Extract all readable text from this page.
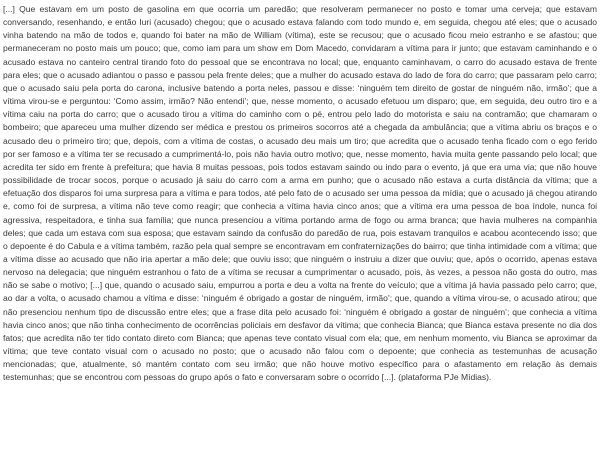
[...] Que estavam em um posto de gasolina em que ocorria um paredão; que resolveram permanecer no posto e tomar uma cerveja; que estavam conversando, resenhando, e então Iuri (acusado) chegou; que o acusado estava falando com todo mundo e, em seguida, chegou até eles; que o acusado vinha batendo na mão de todos e, quando foi bater na mão de William (vítima), este se recusou; que o acusado ficou meio estranho e se afastou; que permaneceram no posto mais um pouco; que, como iam para um show em Dom Macedo, convidaram a vítima para ir junto; que estavam caminhando e o acusado estava no canteiro central tirando foto do pessoal que se encontrava no local; que, enquanto caminhavam, o carro do acusado estava de frente para eles; que o acusado adiantou o passo e passou pela frente deles; que a mulher do acusado estava do lado de fora do carro; que passaram pelo carro; que o acusado saiu pela porta do carona, inclusive batendo a porta neles, passou e disse: ‘ninguém tem direito de gostar de ninguém não, irmão’; que a vítima virou-se e perguntou: ‘Como assim, irmão? Não entendi’; que, nesse momento, o acusado efetuou um disparo; que, em seguida, deu outro tiro e a vítima caiu na porta do carro; que o acusado tirou a vítima do caminho com o pé, entrou pelo lado do motorista e saiu na contramão; que chamaram o bombeiro; que apareceu uma mulher dizendo ser médica e prestou os primeiros socorros até a chegada da ambulância; que a vítima abriu os braços e o acusado deu o primeiro tiro; que, depois, com a vítima de costas, o acusado deu mais um tiro; que acredita que o acusado tenha ficado com o ego ferido por ser famoso e a vítima ter se recusado a cumprimentá-lo, pois não havia outro motivo; que, nesse momento, havia muita gente passando pelo local; que acredita ter sido em frente à prefeitura; que havia 8 muitas pessoas, pois todos estavam saindo ou indo para o evento, já que era uma via; que não houve possibilidade de trocar socos, porque o acusado já saiu do carro com a arma em punho; que o acusado não estava a curta distância da vítima; que a efetuação dos disparos foi uma surpresa para a vítima e para todos, até pelo fato de o acusado ser uma pessoa da mídia; que o acusado já chegou atirando e, como foi de surpresa, a vítima não teve como reagir; que conhecia a vítima havia cinco anos; que a vítima era uma pessoa de boa índole, nunca foi agressiva, respeitadora, e tinha sua família; que nunca presenciou a vítima portando arma de fogo ou arma branca; que havia mulheres na companhia deles; que cada um estava com sua esposa; que estavam saindo da confusão do paredão de rua, pois estavam tranquilos e acabou acontecendo isso; que o depoente é do Cabula e a vítima também, razão pela qual sempre se encontravam em confraternizações do bairro; que tinha intimidade com a vítima; que a vítima disse ao acusado que não iria apertar a mão dele; que ouviu isso; que ninguém o instruiu a dizer que ouviu; que, após o ocorrido, apenas estava nervoso na delegacia; que ninguém estranhou o fato de a vítima se recusar a cumprimentar o acusado, pois, às vezes, a pessoa não gosta do outro, mas não se sabe o motivo; [...] que, quando o acusado saiu, empurrou a porta e deu a volta na frente do veículo; que a vítima já havia passado pelo carro; que, ao dar a volta, o acusado chamou a vítima e disse: ‘ninguém é obrigado a gostar de ninguém, irmão’; que, quando a vítima virou-se, o acusado atirou; que não presenciou nenhum tipo de discussão entre eles; que a frase dita pelo acusado foi: ‘ninguém é obrigado a gostar de ninguém’; que conhecia a vítima havia cinco anos; que não tinha conhecimento de ocorrências policiais em desfavor da vítima; que conhecia Bianca; que Bianca estava presente no dia dos fatos; que acredita não ter tido contato direto com Bianca; que apenas teve contato visual com ela; que, em nenhum momento, viu Bianca se aproximar da vítima; que teve contato visual com o acusado no posto; que o acusado não falou com o depoente; que conhecia as testemunhas de acusação mencionadas; que, atualmente, só mantém contato com seu irmão; que não houve motivo específico para o afastamento em relação às demais testemunhas; que se encontrou com pessoas do grupo após o fato e conversaram sobre o ocorrido [...]. (plataforma PJe Mídias).
